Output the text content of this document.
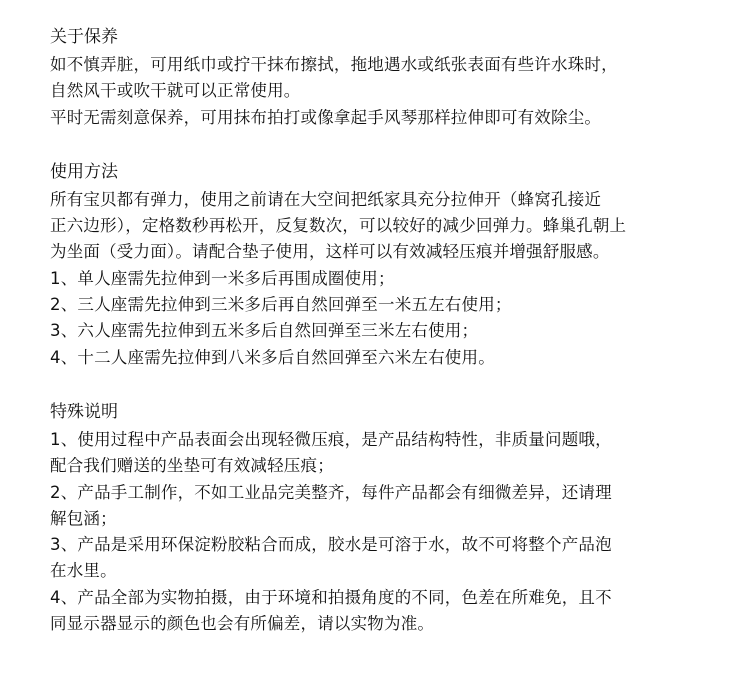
关于保养

如不慎弄脏，可用纸巾或拧干抹布擦拭，拖地遇水或纸张表面有些许水珠时，
自然风干或吹干就可以正常使用。

平时无需刻意保养，可用抹布拍打或像拿起手风琴那样拉伸即可有效除尘。

使用方法

所有宝贝都有弹力，使用之前请在大空间把纸家具充分拉伸开（蜂窝孔接近
正六边形），定格数秒再松开，反复数次，可以较好的减少回弹力。蜂巢孔朝上
为坐面（受力面）。请配合垫子使用，这样可以有效减轻压痕并增强舒服感。

1、单人座需先拉伸到一米多后再围成圈使用；

2、三人座需先拉伸到三米多后再自然回弹至一米五左右使用；

3、六人座需先拉伸到五米多后自然回弹至三米左右使用；

4、十二人座需先拉伸到八米多后自然回弹至六米左右使用。

特殊说明

1、使用过程中产品表面会出现轻微压痕，是产品结构特性，非质量问题哦，
配合我们赠送的坐垫可有效减轻压痕；

2、产品手工制作，不如工业品完美整齐，每件产品都会有细微差异，还请理
解包涵；

3、产品是采用环保淀粉胶粘合而成，胶水是可溶于水，故不可将整个产品泡
在水里。

4、产品全部为实物拍摄，由于环境和拍摄角度的不同，色差在所难免，且不
同显示器显示的颜色也会有所偏差，请以实物为准。
